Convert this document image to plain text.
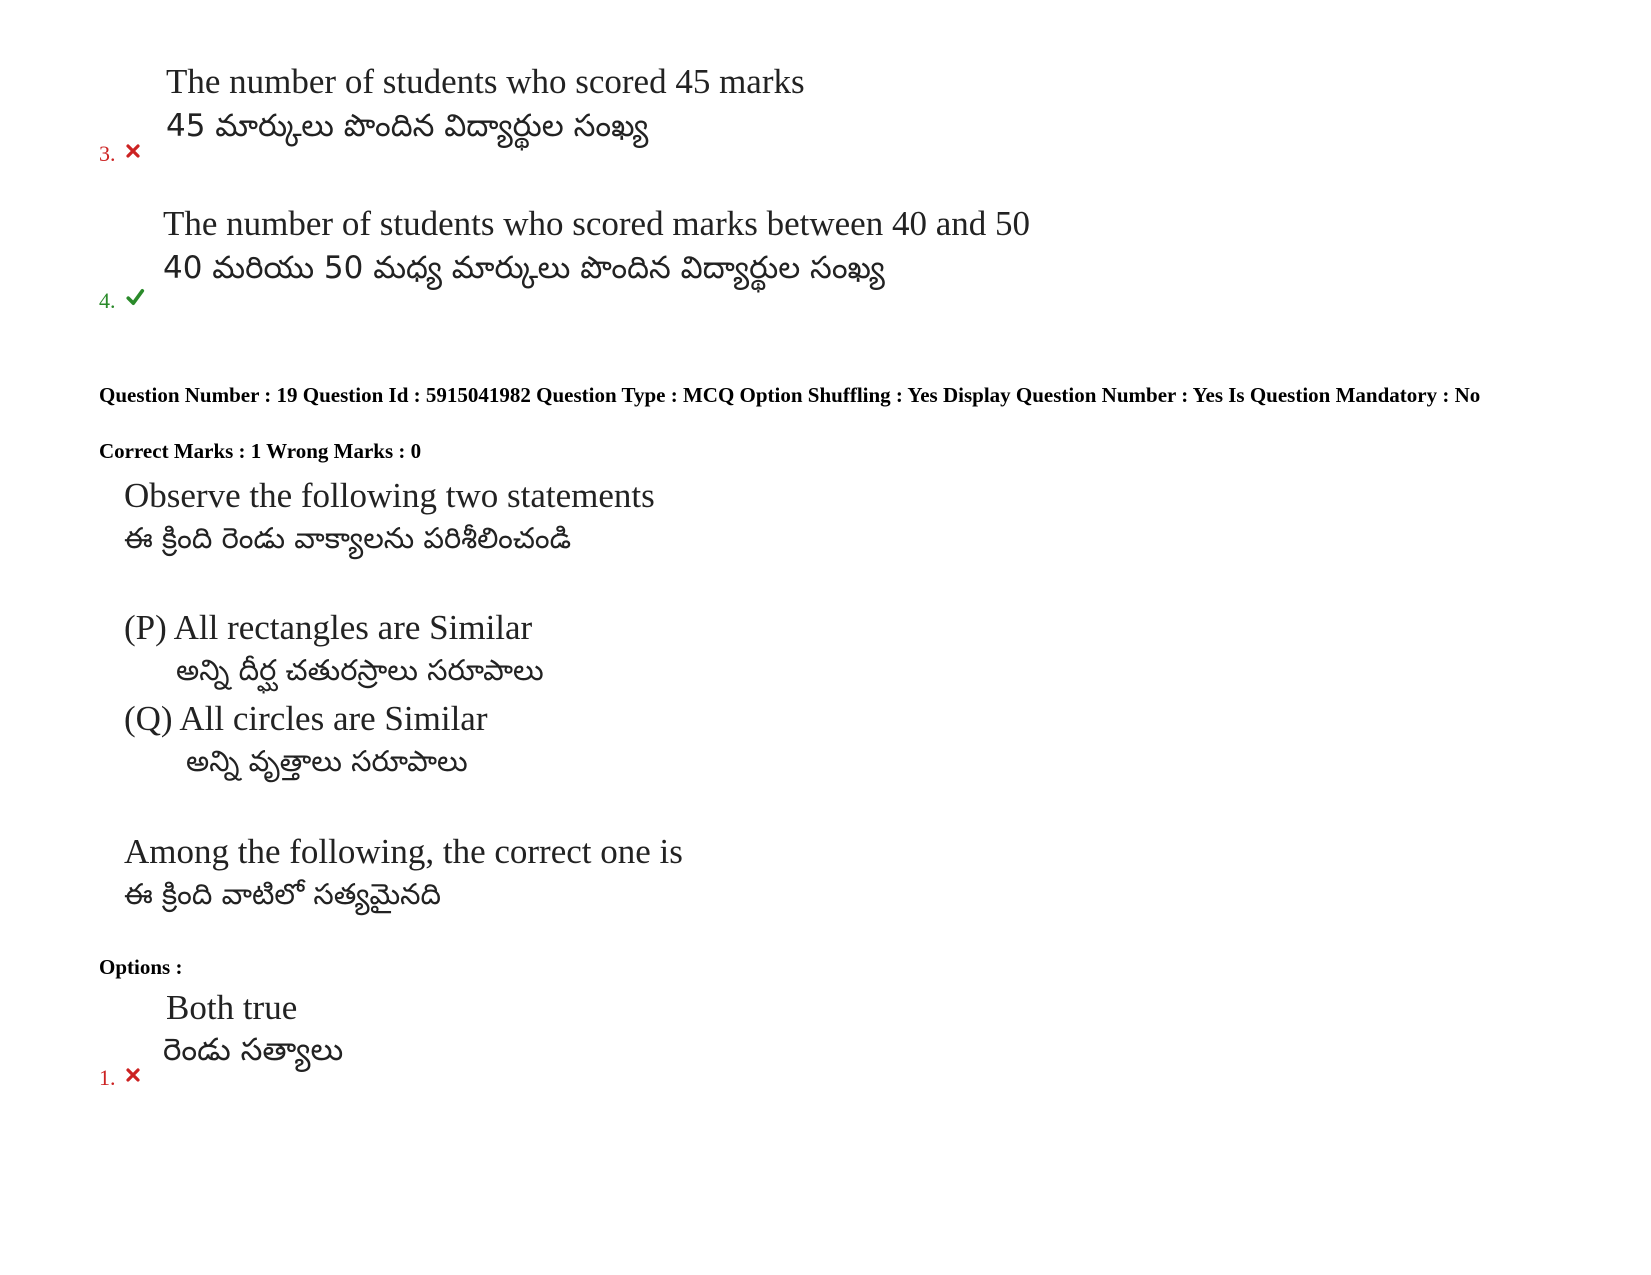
The number of students who scored 45 marks
45 మార్కులు పొందిన విద్యార్థుల సంఖ్య
3.
The number of students who scored marks between 40 and 50
40 మరియు 50 మధ్య మార్కులు పొందిన విద్యార్థుల సంఖ్య
4.
Question Number : 19 Question Id : 5915041982 Question Type : MCQ Option Shuffling : Yes Display Question Number : Yes Is Question Mandatory : No
Correct Marks : 1 Wrong Marks : 0
Observe the following two statements
ఈ క్రింది రెండు వాక్యాలను పరిశీలించండి
(P) All rectangles are Similar
అన్ని దీర్ఘ చతురస్రాలు సరూపాలు
(Q) All circles are Similar
అన్ని వృత్తాలు సరూపాలు
Among the following, the correct one is
ఈ క్రింది వాటిలో సత్యమైనది
Options :
Both true
రెండు సత్యాలు
1.
